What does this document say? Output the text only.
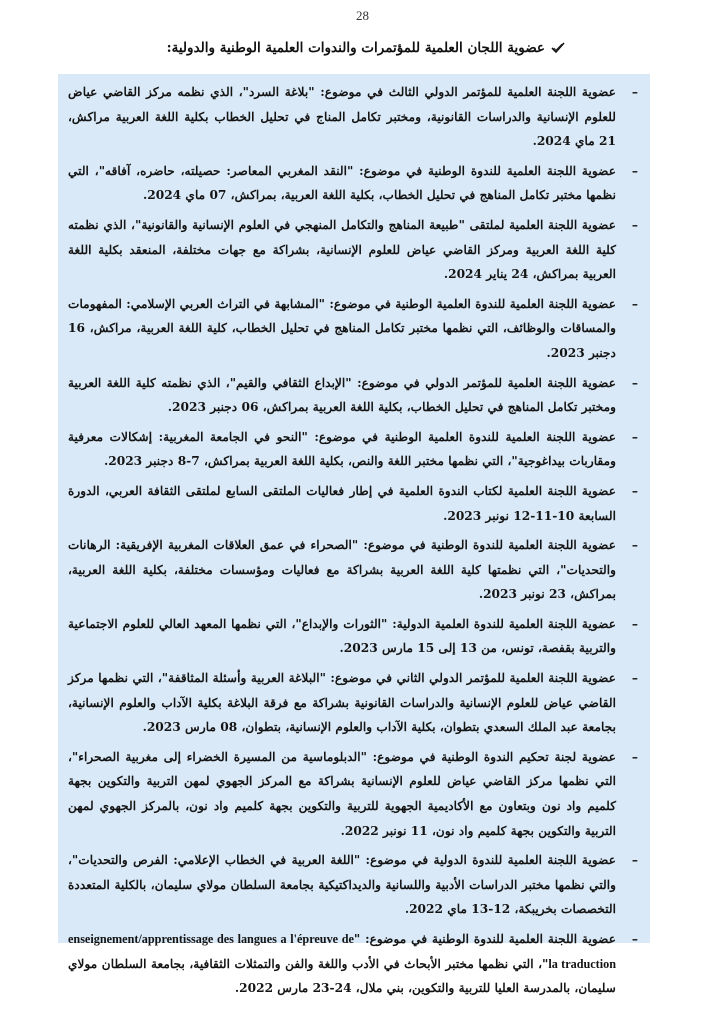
28
عضوية اللجان العلمية للمؤتمرات والندوات العلمية الوطنية والدولية:
–
عضوية اللجنة العلمية للمؤتمر الدولي الثالث في موضوع: "بلاغة السرد"، الذي نظمه مركز القاضي عياض للعلوم الإنسانية والدراسات القانونية، ومختبر تكامل المناج في تحليل الخطاب بكلية اللغة العربية مراكش، 21 ماي 2024.
–
عضوية اللجنة العلمية للندوة الوطنية في موضوع: "النقد المغربي المعاصر: حصيلته، حاضره، آفاقه"، التي نظمها مختبر تكامل المناهج في تحليل الخطاب، بكلية اللغة العربية، بمراكش، 07 ماي 2024.
–
عضوية اللجنة العلمية لملتقى "طبيعة المناهج والتكامل المنهجي في العلوم الإنسانية والقانونية"، الذي نظمته كلية اللغة العربية ومركز القاضي عياض للعلوم الإنسانية، بشراكة مع جهات مختلفة، المنعقد بكلية اللغة العربية بمراكش، 24 يناير 2024.
–
عضوية اللجنة العلمية للندوة العلمية الوطنية في موضوع: "المشابهة في التراث العربي الإسلامي: المفهومات والمساقات والوظائف، التي نظمها مختبر تكامل المناهج في تحليل الخطاب، كلية اللغة العربية، مراكش، 16 دجنبر 2023.
–
عضوية اللجنة العلمية للمؤتمر الدولي في موضوع: "الإبداع الثقافي والقيم"، الذي نظمته كلية اللغة العربية ومختبر تكامل المناهج في تحليل الخطاب، بكلية اللغة العربية بمراكش، 06 دجنبر 2023.
–
عضوية اللجنة العلمية للندوة العلمية الوطنية في موضوع: "النحو في الجامعة المغربية: إشكالات معرفية ومقاربات بيداغوجية"، التي نظمها مختبر اللغة والنص، بكلية اللغة العربية بمراكش، 7-8 دجنبر 2023.
–
عضوية اللجنة العلمية لكتاب الندوة العلمية في إطار فعاليات الملتقى السابع لملتقى الثقافة العربي، الدورة السابعة 10-11-12 نونبر 2023.
–
عضوية اللجنة العلمية للندوة الوطنية في موضوع: "الصحراء في عمق العلاقات المغربية الإفريقية: الرهانات والتحديات"، التي نظمتها كلية اللغة العربية بشراكة مع فعاليات ومؤسسات مختلفة، بكلية اللغة العربية، بمراكش، 23 نونبر 2023.
–
عضوية اللجنة العلمية للندوة العلمية الدولية: "الثورات والإبداع"، التي نظمها المعهد العالي للعلوم الاجتماعية والتربية بقفصة، تونس، من 13 إلى 15 مارس 2023.
–
عضوية اللجنة العلمية للمؤتمر الدولي الثاني في موضوع: "البلاغة العربية وأسئلة المثاقفة"، التي نظمها مركز القاضي عياض للعلوم الإنسانية والدراسات القانونية بشراكة مع فرقة البلاغة بكلية الآداب والعلوم الإنسانية، بجامعة عبد الملك السعدي بتطوان، بكلية الآداب والعلوم الإنسانية، بتطوان، 08 مارس 2023.
–
عضوية لجنة تحكيم الندوة الوطنية في موضوع: "الدبلوماسية من المسيرة الخضراء إلى مغربية الصحراء"، التي نظمها مركز القاضي عياض للعلوم الإنسانية بشراكة مع المركز الجهوي لمهن التربية والتكوين بجهة كلميم واد نون وبتعاون مع الأكاديمية الجهوية للتربية والتكوين بجهة كلميم واد نون، بالمركز الجهوي لمهن التربية والتكوين بجهة كلميم واد نون، 11 نونبر 2022.
–
عضوية اللجنة العلمية للندوة الدولية في موضوع: "اللغة العربية في الخطاب الإعلامي: الفرص والتحديات"، والتي نظمها مختبر الدراسات الأدبية واللسانية والديداكتيكية بجامعة السلطان مولاي سليمان، بالكلية المتعددة التخصصات بخريبكة، 12-13 ماي 2022.
–
عضوية اللجنة العلمية للندوة الوطنية في موضوع: "enseignement/apprentissage des langues a l'épreuve de la traduction"، التي نظمها مختبر الأبحاث في الأدب واللغة والفن والتمثلات الثقافية، بجامعة السلطان مولاي سليمان، بالمدرسة العليا للتربية والتكوين، بني ملال، 24-23 مارس 2022.
